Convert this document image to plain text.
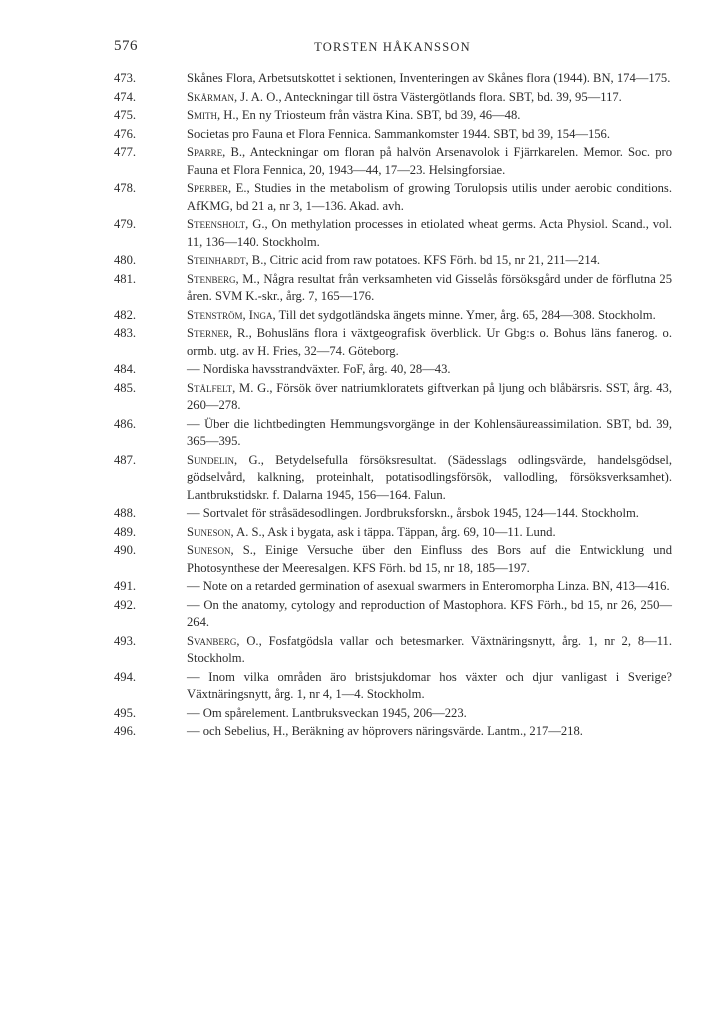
576	TORSTEN HÅKANSSON
473.	Skånes Flora, Arbetsutskottet i sektionen, Inventeringen av Skånes flora (1944). BN, 174—175.
474.	Skårman, J. A. O., Anteckningar till östra Västergötlands flora. SBT, bd. 39, 95—117.
475.	Smith, H., En ny Triosteum från västra Kina. SBT, bd 39, 46—48.
476.	Societas pro Fauna et Flora Fennica. Sammankomster 1944. SBT, bd 39, 154—156.
477.	Sparre, B., Anteckningar om floran på halvön Arsenavolok i Fjärrkarelen. Memor. Soc. pro Fauna et Flora Fennica, 20, 1943—44, 17—23. Helsingforsiae.
478.	Sperber, E., Studies in the metabolism of growing Torulopsis utilis under aerobic conditions. AfKMG, bd 21 a, nr 3, 1—136. Akad. avh.
479.	Steensholt, G., On methylation processes in etiolated wheat germs. Acta Physiol. Scand., vol. 11, 136—140. Stockholm.
480.	Steinhardt, B., Citric acid from raw potatoes. KFS Förh. bd 15, nr 21, 211—214.
481.	Stenberg, M., Några resultat från verksamheten vid Gisselås försöksgård under de förflutna 25 åren. SVM K.-skr., årg. 7, 165—176.
482.	Stenström, Inga, Till det sydgotländska ängets minne. Ymer, årg. 65, 284—308. Stockholm.
483.	Sterner, R., Bohusläns flora i växtgeografisk överblick. Ur Gbg:s o. Bohus läns fanerog. o. ormb. utg. av H. Fries, 32—74. Göteborg.
484.	— Nordiska havsstrandväxter. FoF, årg. 40, 28—43.
485.	Stålfelt, M. G., Försök över natriumkloratets giftverkan på ljung och blåbärsris. SST, årg. 43, 260—278.
486.	— Über die lichtbedingten Hemmungsvorgänge in der Kohlensäureassimilation. SBT, bd. 39, 365—395.
487.	Sundelin, G., Betydelsefulla försöksresultat. (Sädesslags odlingsvärde, handelsgödsel, gödselvård, kalkning, proteinhalt, potatisodlingsförsök, vallodling, försöksverksamhet). Lantbrukstidskr. f. Dalarna 1945, 156—164. Falun.
488.	— Sortvalet för stråsädesodlingen. Jordbruksforskn., årsbok 1945, 124—144. Stockholm.
489.	Suneson, A. S., Ask i bygata, ask i täppa. Täppan, årg. 69, 10—11. Lund.
490.	Suneson, S., Einige Versuche über den Einfluss des Bors auf die Entwicklung und Photosynthese der Meeresalgen. KFS Förh. bd 15, nr 18, 185—197.
491.	— Note on a retarded germination of asexual swarmers in Enteromorpha Linza. BN, 413—416.
492.	— On the anatomy, cytology and reproduction of Mastophora. KFS Förh., bd 15, nr 26, 250—264.
493.	Svanberg, O., Fosfatgödsla vallar och betesmarker. Växtnäringsnytt, årg. 1, nr 2, 8—11. Stockholm.
494.	— Inom vilka områden äro bristsjukdomar hos växter och djur vanligast i Sverige? Växtnäringsnytt, årg. 1, nr 4, 1—4. Stockholm.
495.	— Om spårelement. Lantbruksveckan 1945, 206—223.
496.	— och Sebelius, H., Beräkning av höprovers näringsvärde. Lantm., 217—218.
